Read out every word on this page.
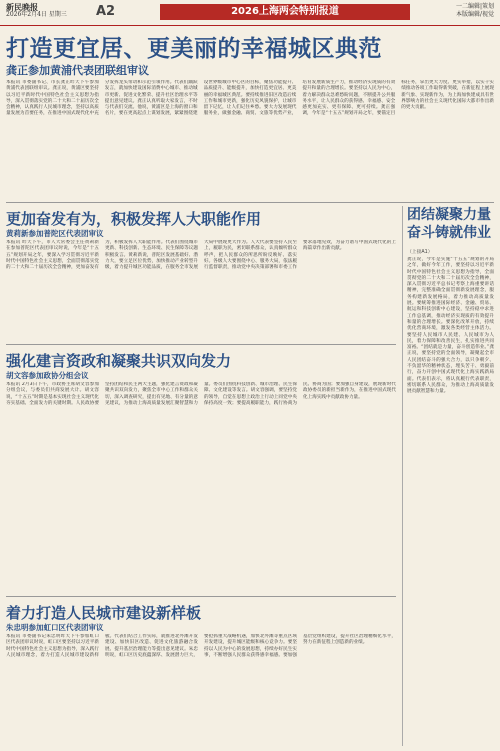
新民晚报
2026年2月4日 星期三 A2	2026上海两会特别报道	一二编辑|策划
本版编辑/视觉
打造更宜居、更美丽的幸福城区典范
龚正参加黄浦代表团联组审议
本报讯 市委副书记、市长龚正昨天下午参加黄浦代表团联组审议。龚正说，黄浦区要坚持以习近平新时代中国特色社会主义思想为指导，深入贯彻落实党的二十大和二十届历次全会精神，认真践行人民城市理念，坚持以高质量发展为首要任务，在推进中国式现代化中充分发挥龙头带动和示范引领作用。代表们踊跃发言，就加快建设国际消费中心城市、推动城市更新、促进文化繁荣、提升社区治理水平等提出意见建议。龚正认真听取大家发言，不时与代表们交流。他说，黄浦区是上海的窗口和名片，要在更高起点上谋划发展，紧紧围绕建设世界级城市中心区的目标，聚焦功能提升、品质提升、能级提升，加快打造更宜居、更美丽的幸福城区典范。要持续推进旧区改造后续工作和城市更新，强化历史风貌保护，让城市留下记忆，让人们记住乡愁。要大力发展现代服务业，做强金融、商贸、文旅等优势产业，培育发展新质生产力，推动经济实现质的有效提升和量的合理增长。要坚持以人民为中心，着力解决群众急难愁盼问题，不断提升公共服务水平，让人民群众的获得感、幸福感、安全感更加充实、更有保障、更可持续。龚正强调，今年是“十五五”规划开局之年，要锚定目标任务，拿出更大力度、更实举措，以实干实绩推动各项工作取得新突破，在新征程上展现新气象、实现新作为，为上海加快建成具有世界影响力的社会主义现代化国际大都市作出新的更大贡献。
更加奋发有为，积极发挥人大职能作用
黄莉新参加普陀区代表团审议
本报讯 昨天下午，市人大常委会主任黄莉新在参加普陀区代表团审议时说，今年是“十五五”规划开局之年，要深入学习贯彻习近平新时代中国特色社会主义思想，全面贯彻落实党的二十大和二十届历次全会精神，更加奋发有为，积极发挥人大职能作用。代表们围绕城市更新、科技创新、生态环境、民生保障等议题积极发言。黄莉新说，普陀区发展基础好、潜力大，要立足区位优势，加快推动产业转型升级，着力提升城区功能品质，在服务全市发展大局中展现更大作为。人大代表要坚持人民至上，履职为民，密切联系群众，认真倾听群众呼声，把人民群众的所思所盼反映好、落实好。各级人大要围绕中心、服务大局，依法履行监督职责，推动党中央决策部署和市委工作要求落地见效，为奋力谱写中国式现代化的上海篇章作出新贡献。
强化建言资政和凝聚共识双向发力
胡文容参加政协分组会议
本报讯 2月3日下午，市政协主席胡文容参加分组会议，与委员们共商发展大计。胡文容说，“十五五”时期是基本实现社会主义现代化夯实基础、全面发力的关键时期。人民政协要坚持团结和民主两大主题，强化建言资政和凝聚共识双向发力，聚焦全市中心工作和群众关切，深入调查研究，提出有见地、有分量的意见建议，为推动上海高质量发展汇聚智慧和力量。委员们围绕科技创新、城市治理、民生保障、文化建设等发言。胡文容强调，要坚持党的领导，自觉在思想上政治上行动上同党中央保持高度一致；要提高履职能力，践行协商为民、协商为国；要加强自身建设，展现新时代政协委员的新担当新作为，在推进中国式现代化上海实践中贡献政协力量。
着力打造人民城市建设新样板
朱忠明参加虹口区代表团审议
本报讯 市委副书记朱忠明昨天下午参加虹口区代表团审议时说，虹口区要坚持以习近平新时代中国特色社会主义思想为指导，深入践行人民城市理念，着力打造人民城市建设新样板。代表们结合工作实际，就推进北外滩开发建设、加快旧区改造、促进文化旅游融合发展、提升基层治理能力等提出意见建议。朱忠明说，虹口区历史底蕴深厚、发展潜力巨大，要抢抓重大战略机遇，加快北外滩等重点区域开发建设，提升城区能级和核心竞争力。要坚持以人民为中心的发展思想，持续办好民生实事，不断增强人民群众获得感幸福感。要加强基层党组织建设，提升社区治理精细化水平，努力在新征程上创造新的业绩。
团结凝聚力量 奋斗铸就伟业
（上接A1）
龚正说，今年是实施“十五五”规划的开局之年，做好今年工作，要坚持以习近平新时代中国特色社会主义思想为指导，全面贯彻党的二十大和二十届历次全会精神，深入贯彻习近平总书记考察上海重要讲话精神，完整准确全面贯彻新发展理念，服务构建新发展格局，着力推动高质量发展。要统筹推进国际经济、金融、贸易、航运和科技创新中心建设，坚持稳中求进工作总基调，推动经济实现质的有效提升和量的合理增长。要深化改革开放，持续优化营商环境，激发各类经营主体活力。要坚持人民城市人民建、人民城市为人民，着力保障和改善民生，扎实推进共同富裕。“团结就是力量，奋斗创造伟业。”龚正说，要坚持党的全面领导，凝聚起全市人民团结奋斗的强大合力，以只争朝夕、不负韶华的精神状态，埋头苦干、勇毅前行，奋力开创中国式现代化上海实践新局面。代表们表示，将认真履行代表职责，密切联系人民群众，为推动上海高质量发展贡献智慧和力量。
